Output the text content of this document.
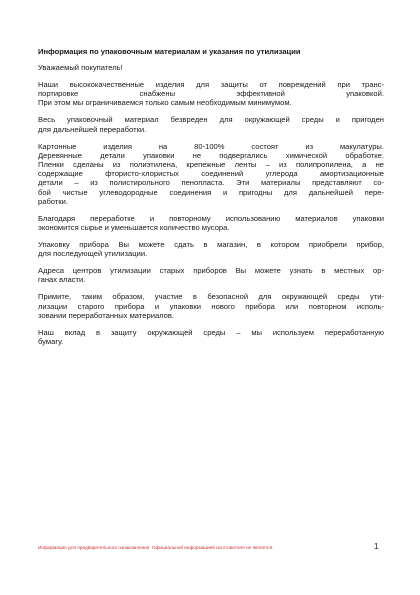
Информация по упаковочным материалам и указания по утилизации
Уважаемый покупатель!
Наши высококачественные изделия для защиты от повреждений при транс-
портировке снабжены эффективной упаковкой.
При этом мы ограничиваемся только самым необходимым минимумом.
Весь упаковочный материал безвреден для окружающей среды и пригоден
для дальнейшей переработки.
Картонные изделия на 80-100% состоят из макулатуры.
Деревянные детали упаковки не подвергались химической обработке.
Пленки сделаны из полиэтилена, крепежные ленты – из полипропилена, а не
содержащие фтористо-хлористых соединений углерода амортизационные
детали – из полистирольного пенопласта. Эти материалы представляют со-
бой чистые углеводородные соединения и пригодны для дальнейшей пере-
работки.
Благодаря переработке и повторному использованию материалов упаковки
экономится сырье и уменьшается количество мусора.
Упаковку прибора Вы можете сдать в магазин, в котором приобрели прибор,
для последующей утилизации.
Адреса центров утилизации старых приборов Вы можете узнать в местных ор-
ганах власти.
Примите, таким образом, участие в безопасной для окружающей среды ути-
лизации старого прибора и упаковки нового прибора или повторном исполь-
зовании переработанных материалов.
Наш вклад в защиту окружающей среды – мы используем переработанную
бумагу.
Информация для предварительного ознакомления. Официальной информацией изготовителя не является.	1
